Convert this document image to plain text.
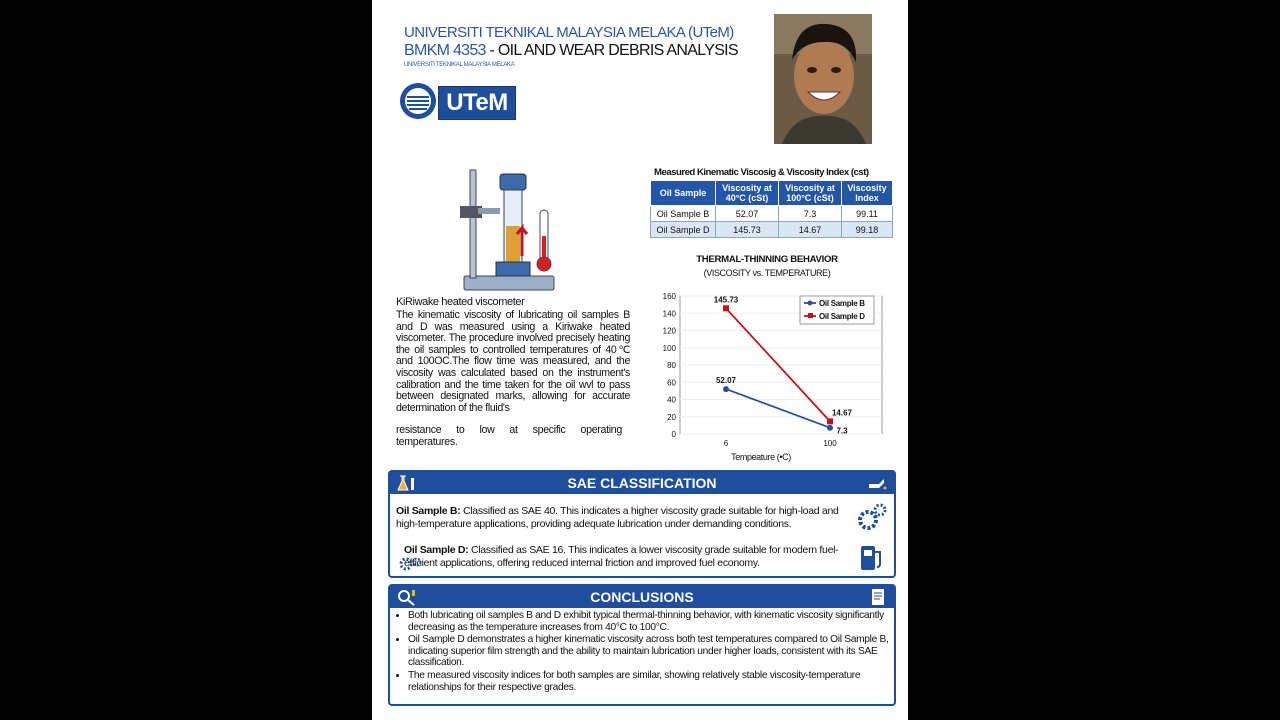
UNIVERSITI TEKNIKAL MALAYSIA MELAKA (UTeM)
BMKM 4353 - OIL AND WEAR DEBRIS ANALYSIS
UNIVERSITI TEKNIKAL MALAYSIA MELAKA
UTeM
KiRiwake heated viscometer
The kinematic viscosity of lubricating oil samples B and D was measured using a Kiriwake heated viscometer. The procedure involved precisely heating the oil samples to controlled temperatures of 40℃ and 100OC.The flow time was measured, and the viscosity was calculated based on the instrument's calibration and the time taken for the oil wvl to pass between designated marks, allowing for accurate determination of the fluid's
resistance to low at specific operating temperatures.
Measured Kinematic Viscosig & Viscosity Index (cst)
Oil Sample	Viscosity at 40°C (cSt)	Viscosity at 100°C (cSt)	Viscosity Index
Oil Sample B	52.07	7.3	99.11
Oil Sample D	145.73	14.67	99.18
THERMAL-THINNING BEHAVIOR
(VISCOSITY vs. TEMPERATURE)
160
140
120
100
80
60
40
20
0
6	100
Tempeature (•C)
52.07
7.3
145.73
14.67
Oil Sample B
Oil Sample D
SAE CLASSIFICATION
Oil Sample B: Classified as SAE 40. This indicates a higher viscosity grade suitable for high-load and high-temperature applications, providing adequate lubrication under demanding conditions.
Oil Sample D: Classified as SAE 16. This indicates a lower viscosity grade suitable for modern fuel-efficient applications, offering reduced internal friction and improved fuel economy.
CONCLUSIONS
• Both lubricating oil samples B and D exhibit typical thermal-thinning behavior, with kinematic viscosity significantly decreasing as the temperature increases from 40°C to 100°C.
• Oil Sample D demonstrates a higher kinematic viscosity across both test temperatures compared to Oil Sample B, indicating superior film strength and the ability to maintain lubrication under higher loads, consistent with its SAE classification.
• The measured viscosity indices for both samples are similar, showing relatively stable viscosity-temperature relationships for their respective grades.
